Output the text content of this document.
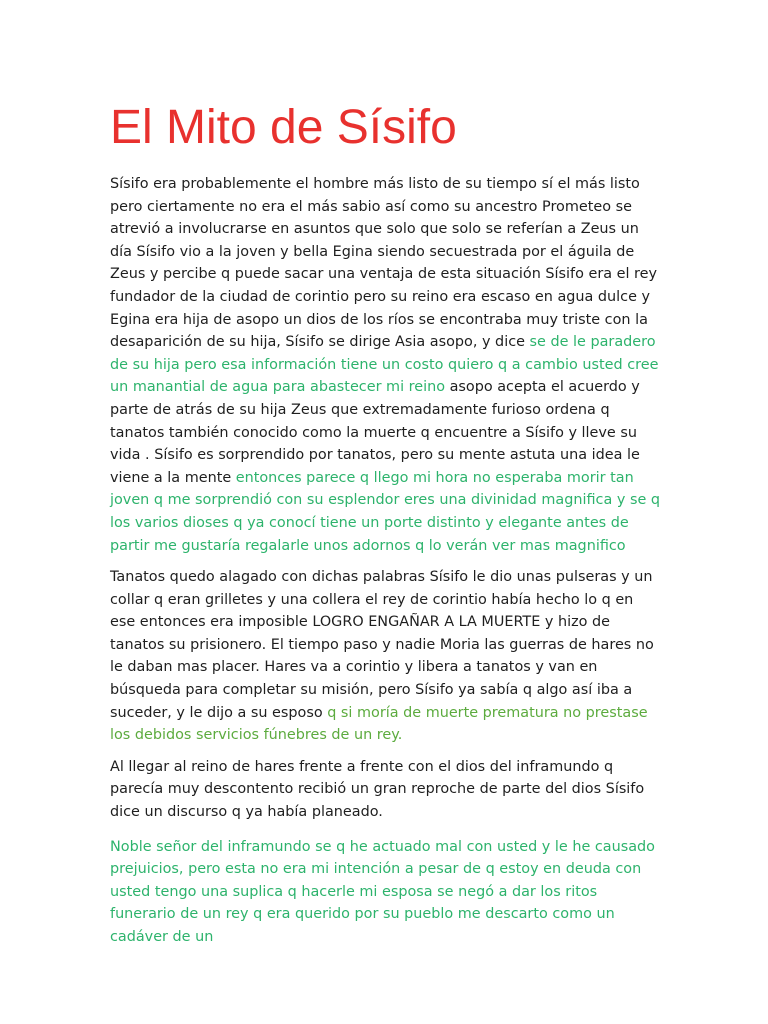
El Mito de Sísifo

Sísifo era probablemente el hombre más listo de su tiempo sí el más listo pero ciertamente no era el más sabio así como su ancestro Prometeo se atrevió a involucrarse en asuntos que solo que solo se referían a Zeus un día Sísifo vio a la joven y bella Egina siendo secuestrada por el águila de Zeus y percibe q puede sacar una ventaja de esta situación Sísifo era el rey fundador de la ciudad de corintio pero su reino era escaso en agua dulce y Egina era hija de asopo un dios de los ríos se encontraba muy triste con la desaparición de su hija, Sísifo se dirige Asia asopo, y dice se de le paradero de su hija pero esa información tiene un costo quiero q a cambio usted cree un manantial de agua para abastecer mi reino asopo acepta el acuerdo y parte de atrás de su hija Zeus que extremadamente furioso ordena q tanatos también conocido como la muerte q encuentre a Sísifo y lleve su vida . Sísifo es sorprendido por tanatos, pero su mente astuta una idea le viene a la mente entonces parece q llego mi hora no esperaba morir tan joven q me sorprendió con su esplendor eres una divinidad magnifica y se q los varios dioses q ya conocí tiene un porte distinto y elegante antes de partir me gustaría regalarle unos adornos q lo verán ver mas magnifico

Tanatos quedo alagado con dichas palabras Sísifo le dio unas pulseras y un collar q eran grilletes y una collera el rey de corintio había hecho lo q en ese entonces era imposible LOGRO ENGAÑAR A LA MUERTE y hizo de tanatos su prisionero. El tiempo paso y nadie Moria las guerras de hares no le daban mas placer. Hares va a corintio y libera a tanatos y van en búsqueda para completar su misión, pero Sísifo ya sabía q algo así iba a suceder, y le dijo a su esposo q si moría de muerte prematura no prestase los debidos servicios fúnebres de un rey.

Al llegar al reino de hares frente a frente con el dios del inframundo q parecía muy descontento recibió un gran reproche de parte del dios Sísifo dice un discurso q ya había planeado.

Noble señor del inframundo se q he actuado mal con usted y le he causado prejuicios, pero esta no era mi intención a pesar de q estoy en deuda con usted tengo una suplica q hacerle mi esposa se negó a dar los ritos funerario de un rey q era querido por su pueblo me descarto como un cadáver de un
